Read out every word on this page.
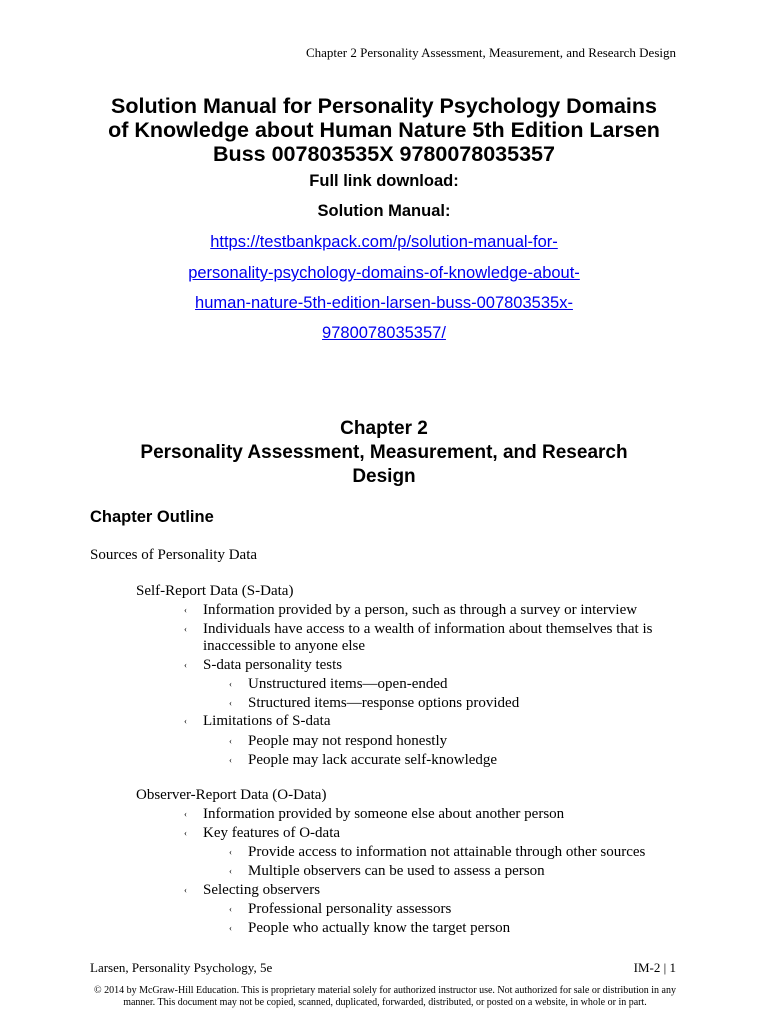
Chapter 2 Personality Assessment, Measurement, and Research Design
Solution Manual for Personality Psychology Domains
of Knowledge about Human Nature 5th Edition Larsen
Buss 007803535X 9780078035357
Full link download:
Solution Manual:
https://testbankpack.com/p/solution-manual-for-
personality-psychology-domains-of-knowledge-about-
human-nature-5th-edition-larsen-buss-007803535x-
9780078035357/
Chapter 2
Personality Assessment, Measurement, and Research
Design
Chapter Outline
Sources of Personality Data
Self-Report Data (S-Data)
‹ Information provided by a person, such as through a survey or interview
‹ Individuals have access to a wealth of information about themselves that is
inaccessible to anyone else
‹ S-data personality tests
‹ Unstructured items—open-ended
‹ Structured items—response options provided
‹ Limitations of S-data
‹ People may not respond honestly
‹ People may lack accurate self-knowledge
Observer-Report Data (O-Data)
‹ Information provided by someone else about another person
‹ Key features of O-data
‹ Provide access to information not attainable through other sources
‹ Multiple observers can be used to assess a person
‹ Selecting observers
‹ Professional personality assessors
‹ People who actually know the target person
Larsen, Personality Psychology, 5e	IM-2 | 1
© 2014 by McGraw-Hill Education. This is proprietary material solely for authorized instructor use. Not authorized for sale or distribution in any
manner. This document may not be copied, scanned, duplicated, forwarded, distributed, or posted on a website, in whole or in part.
